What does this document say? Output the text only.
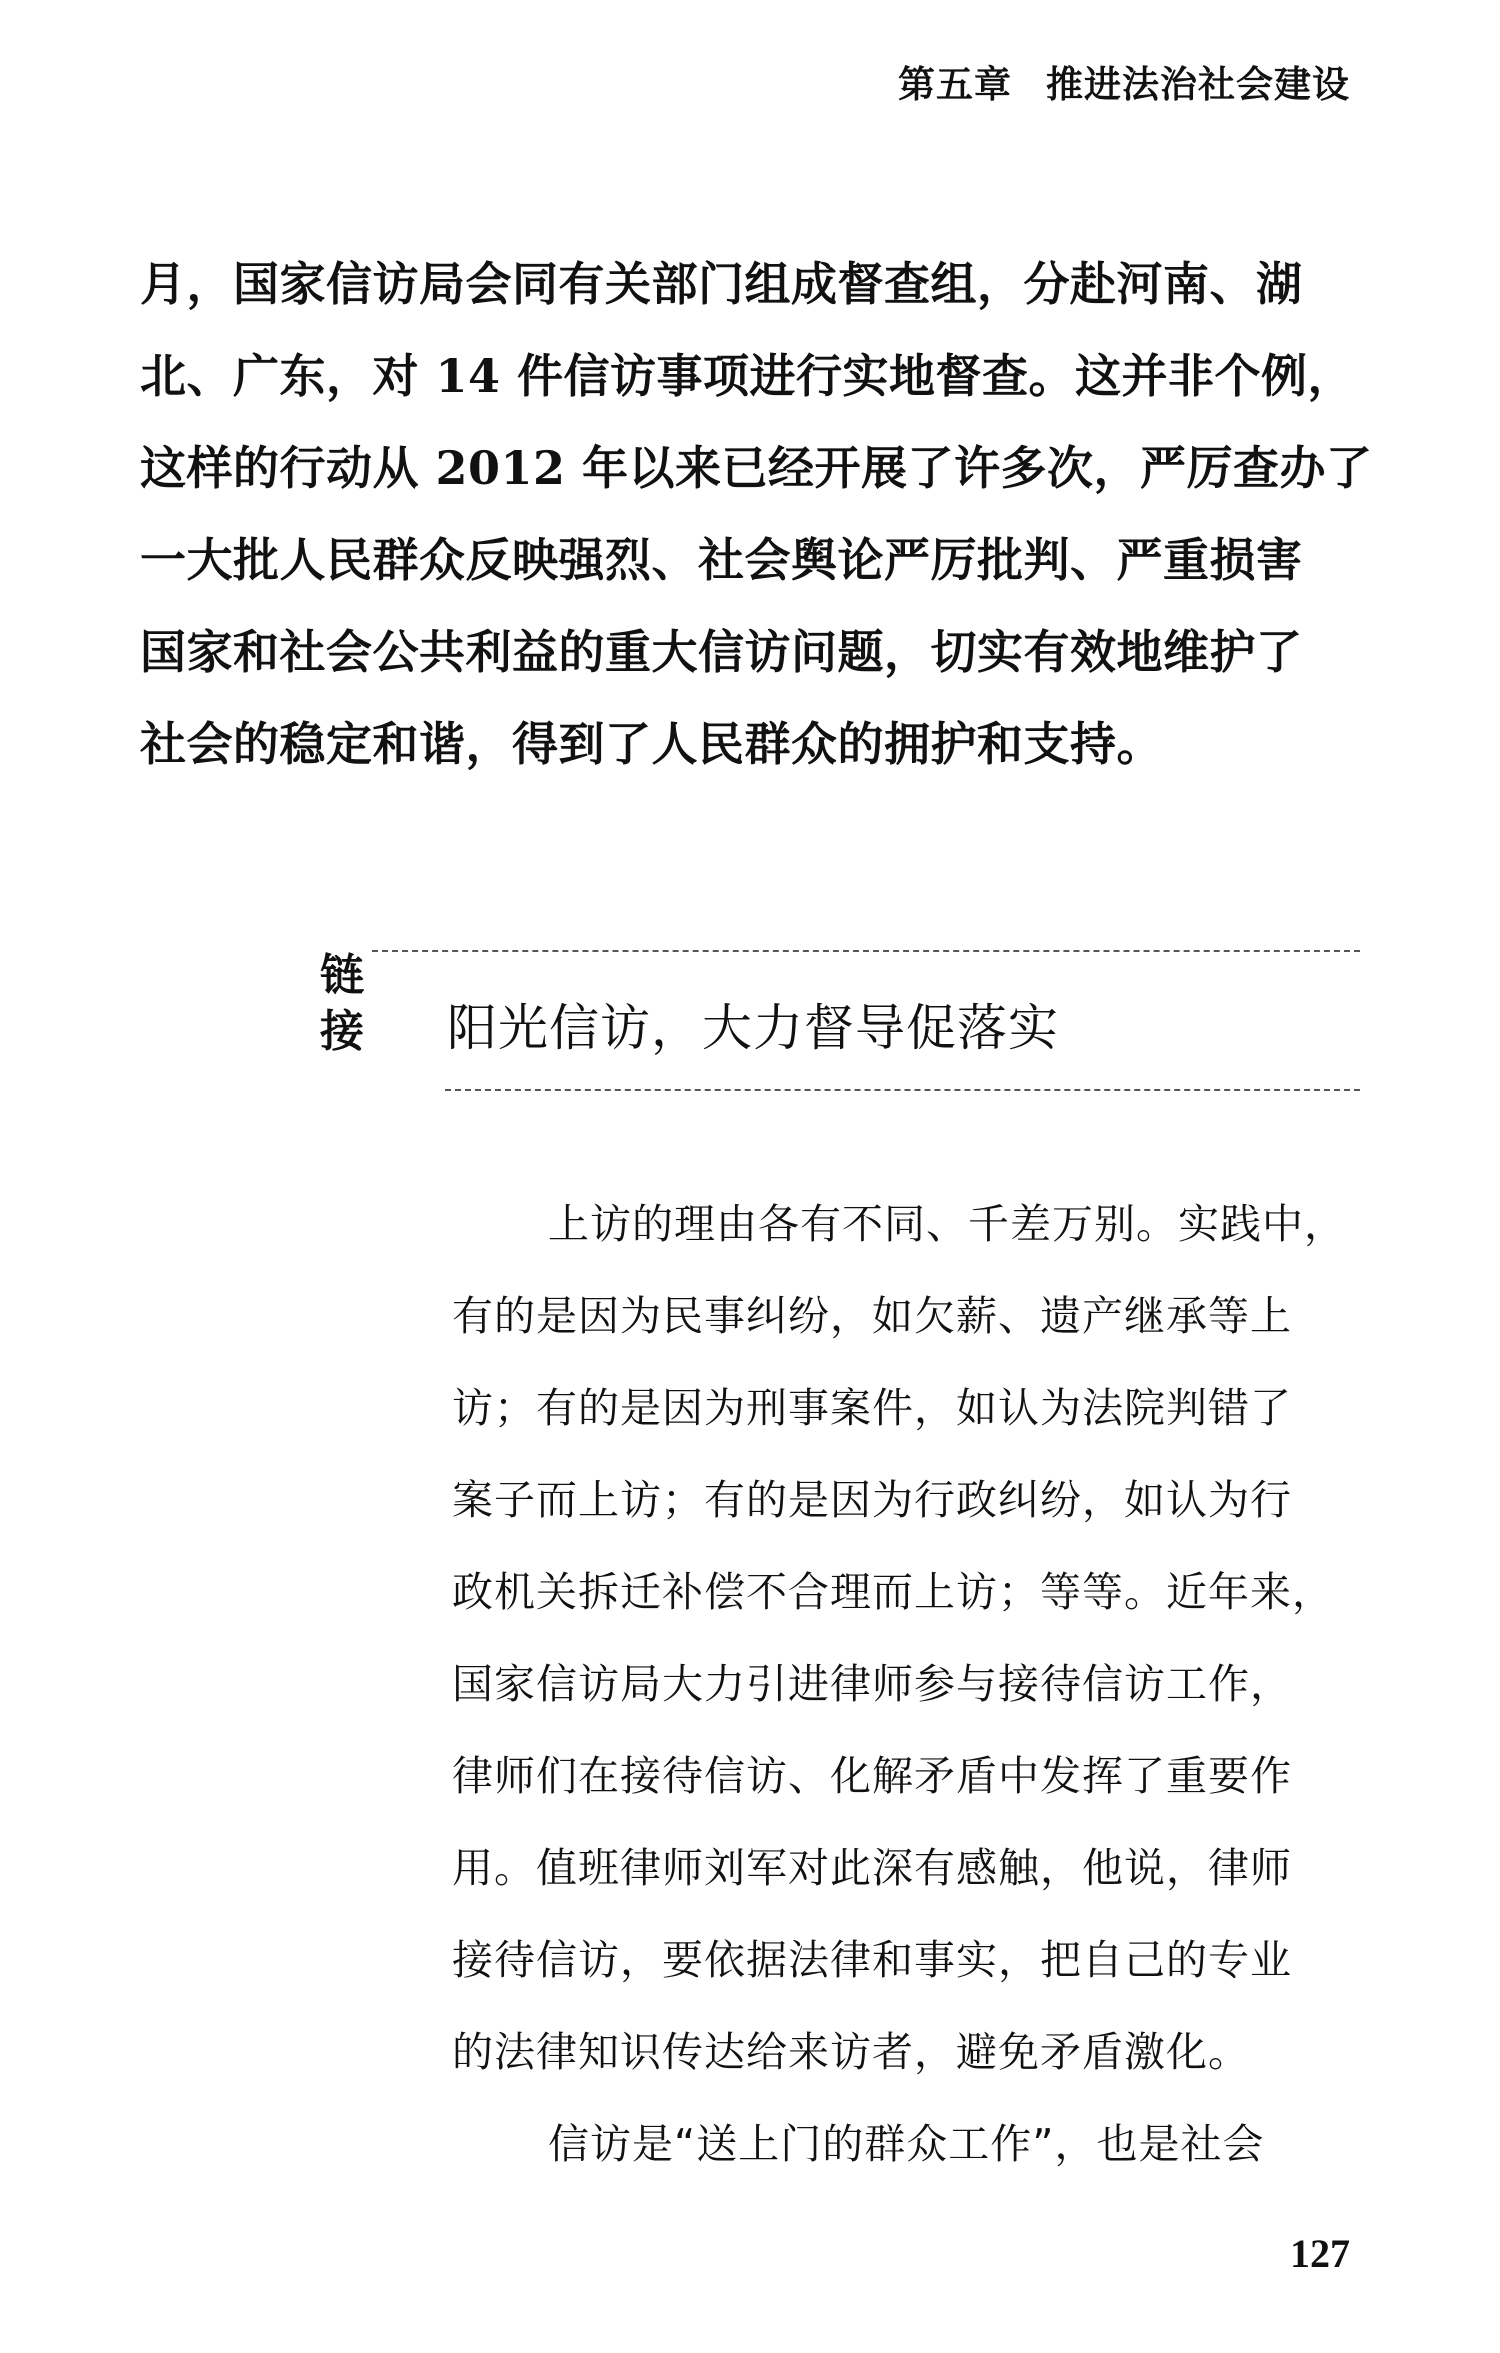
第五章 推进法治社会建设
月，国家信访局会同有关部门组成督查组，分赴河南、湖
北、广东，对 14 件信访事项进行实地督查。这并非个例，
这样的行动从 2012 年以来已经开展了许多次，严厉查办了
一大批人民群众反映强烈、社会舆论严厉批判、严重损害
国家和社会公共利益的重大信访问题，切实有效地维护了
社会的稳定和谐，得到了人民群众的拥护和支持。
链
接 阳光信访，大力督导促落实
上访的理由各有不同、千差万别。实践中，
有的是因为民事纠纷，如欠薪、遗产继承等上
访；有的是因为刑事案件，如认为法院判错了
案子而上访；有的是因为行政纠纷，如认为行
政机关拆迁补偿不合理而上访；等等。近年来，
国家信访局大力引进律师参与接待信访工作，
律师们在接待信访、化解矛盾中发挥了重要作
用。值班律师刘军对此深有感触，他说，律师
接待信访，要依据法律和事实，把自己的专业
的法律知识传达给来访者，避免矛盾激化。
信访是“送上门的群众工作”，也是社会
127
